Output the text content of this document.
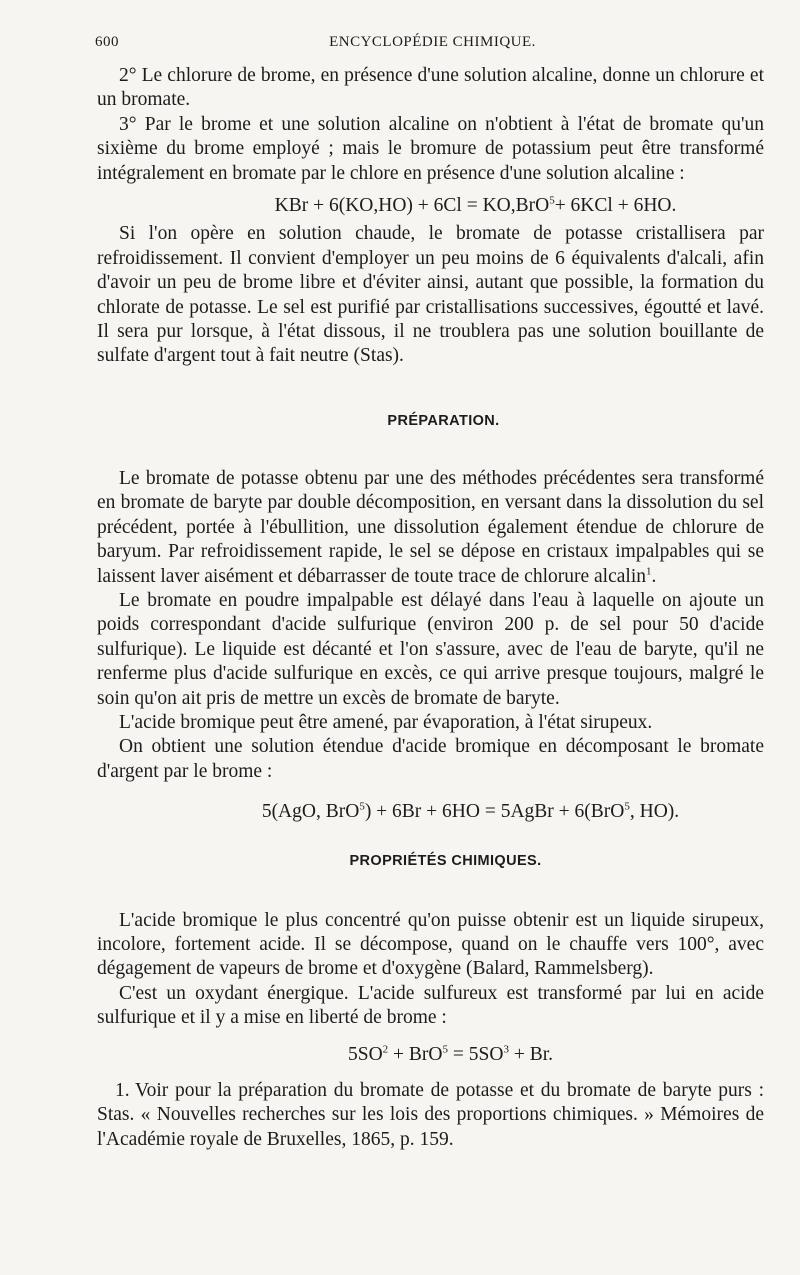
600	ENCYCLOPÉDIE CHIMIQUE.

2° Le chlorure de brome, en présence d'une solution alcaline, donne un chlorure et un bromate.

3° Par le brome et une solution alcaline on n'obtient à l'état de bromate qu'un sixième du brome employé ; mais le bromure de potassium peut être transformé intégralement en bromate par le chlore en présence d'une solution alcaline :

KBr + 6(KO,HO) + 6Cl = KO,BrO$^5$+ 6KCl + 6HO.

Si l'on opère en solution chaude, le bromate de potasse cristallisera par refroidissement. Il convient d'employer un peu moins de 6 équivalents d'alcali, afin d'avoir un peu de brome libre et d'éviter ainsi, autant que possible, la formation du chlorate de potasse. Le sel est purifié par cristallisations successives, égoutté et lavé. Il sera pur lorsque, à l'état dissous, il ne troublera pas une solution bouillante de sulfate d'argent tout à fait neutre (Stas).

PRÉPARATION.

Le bromate de potasse obtenu par une des méthodes précédentes sera transformé en bromate de baryte par double décomposition, en versant dans la dissolution du sel précédent, portée à l'ébullition, une dissolution également étendue de chlorure de baryum. Par refroidissement rapide, le sel se dépose en cristaux impalpables qui se laissent laver aisément et débarrasser de toute trace de chlorure alcalin$^1$.

Le bromate en poudre impalpable est délayé dans l'eau à laquelle on ajoute un poids correspondant d'acide sulfurique (environ 200 p. de sel pour 50 d'acide sulfurique). Le liquide est décanté et l'on s'assure, avec de l'eau de baryte, qu'il ne renferme plus d'acide sulfurique en excès, ce qui arrive presque toujours, malgré le soin qu'on ait pris de mettre un excès de bromate de baryte.

L'acide bromique peut être amené, par évaporation, à l'état sirupeux.

On obtient une solution étendue d'acide bromique en décomposant le bromate d'argent par le brome :

5(AgO, BrO$^5$) + 6Br + 6HO = 5AgBr + 6(BrO$^5$, HO).
PROPRIÉTÉS CHIMIQUES.

L'acide bromique le plus concentré qu'on puisse obtenir est un liquide sirupeux, incolore, fortement acide. Il se décompose, quand on le chauffe vers 100°, avec dégagement de vapeurs de brome et d'oxygène (Balard, Rammelsberg).

C'est un oxydant énergique. L'acide sulfureux est transformé par lui en acide sulfurique et il y a mise en liberté de brome :

$5SO^2 + BrO^5 = 5SO^3 + Br$.

1. Voir pour la préparation du bromate de potasse et du bromate de baryte purs : Stas. « Nouvelles recherches sur les lois des proportions chimiques. » Mémoires de l'Académie royale de Bruxelles, 1865, p. 159.
